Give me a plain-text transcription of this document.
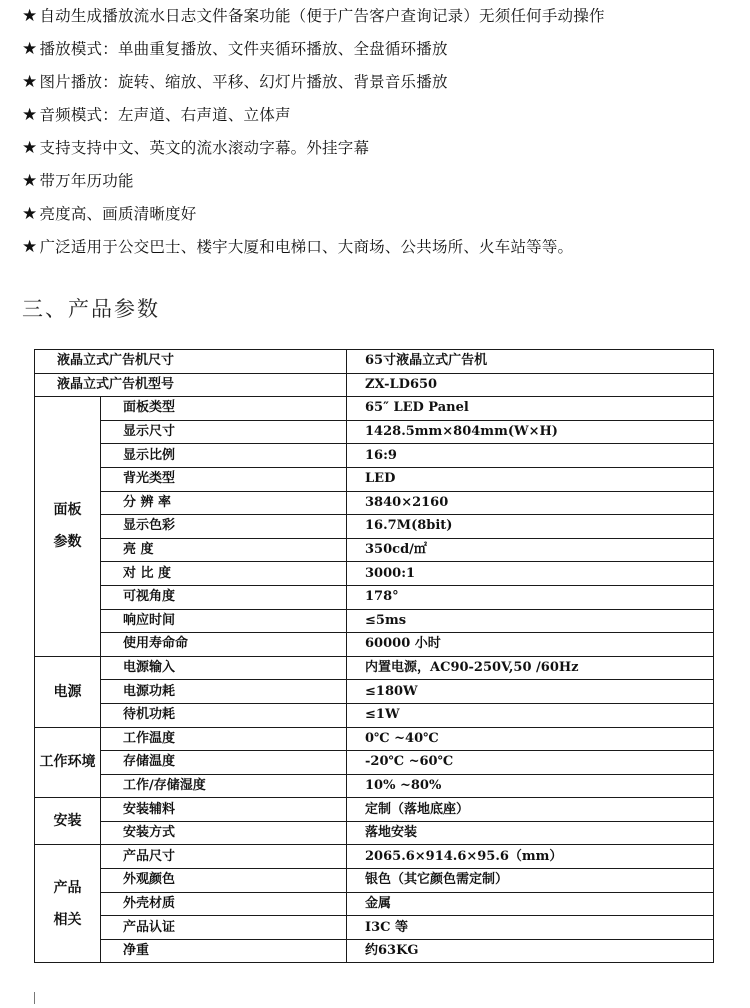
★ 自动生成播放流水日志文件备案功能（便于广告客户查询记录）无须任何手动操作
★ 播放模式：单曲重复播放、文件夹循环播放、全盘循环播放
★ 图片播放：旋转、缩放、平移、幻灯片播放、背景音乐播放
★ 音频模式：左声道、右声道、立体声
★ 支持支持中文、英文的流水滚动字幕。外挂字幕
★ 带万年历功能
★ 亮度高、画质清晰度好
★ 广泛适用于公交巴士、楼宇大厦和电梯口、大商场、公共场所、火车站等等。
三、产品参数
液晶立式广告机尺寸		65寸液晶立式广告机
液晶立式广告机型号		ZX-LD650

面板
参数	面板类型	65″ LED Panel
	显示尺寸	1428.5mm×804mm(W×H)
	显示比例	16:9
	背光类型	LED
	分 辨 率	3840×2160
	显示色彩	16.7M(8bit)
	亮 度	350cd/㎡
	对 比 度	3000:1
	可视角度	178°
	响应时间	≤5ms
	使用寿命命	60000 小时

电源	电源输入	内置电源，AC90-250V,50 /60Hz
	电源功耗	≤180W
	待机功耗	≤1W

工作环境	工作温度	0℃ ~40℃
	存储温度	-20℃ ~60℃
	工作/存储湿度	10% ~80%

安装	安装辅料	定制（落地底座）
	安装方式	落地安装

产品
相关	产品尺寸	2065.6×914.6×95.6（mm）
	外观颜色	银色（其它颜色需定制）
	外壳材质	金属
	产品认证	I3C 等
	净重	约63KG
